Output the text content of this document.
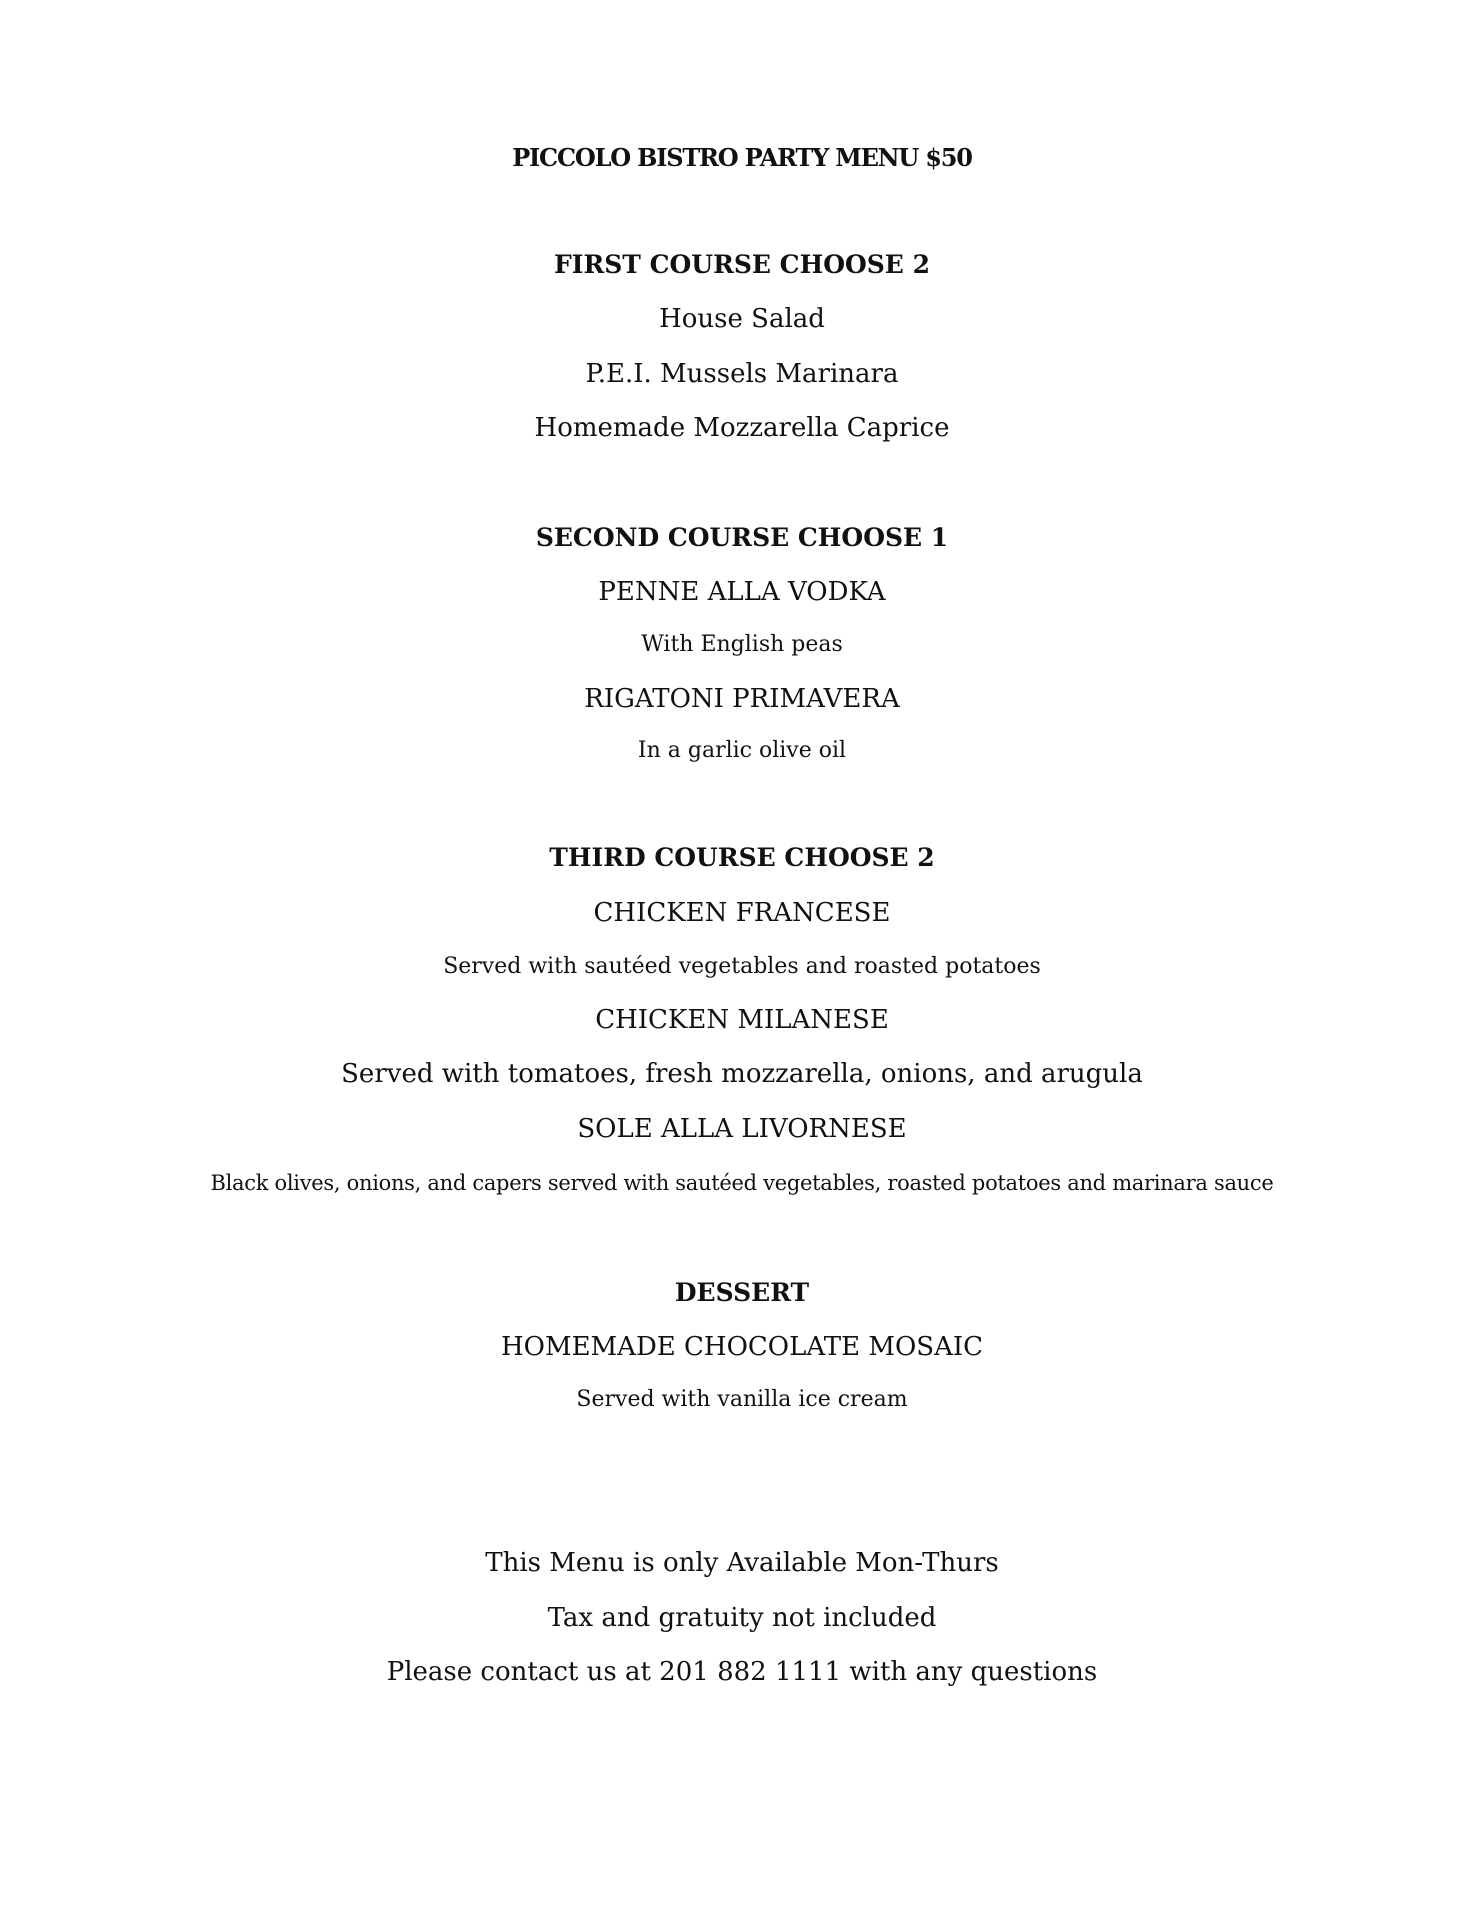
PICCOLO BISTRO PARTY MENU $50
FIRST COURSE CHOOSE 2
House Salad
P.E.I. Mussels Marinara
Homemade Mozzarella Caprice
SECOND COURSE CHOOSE 1
PENNE ALLA VODKA
With English peas
RIGATONI PRIMAVERA
In a garlic olive oil
THIRD COURSE CHOOSE 2
CHICKEN FRANCESE
Served with sautéed vegetables and roasted potatoes
CHICKEN MILANESE
Served with tomatoes, fresh mozzarella, onions, and arugula
SOLE ALLA LIVORNESE
Black olives, onions, and capers served with sautéed vegetables, roasted potatoes and marinara sauce
DESSERT
HOMEMADE CHOCOLATE MOSAIC
Served with vanilla ice cream
This Menu is only Available Mon-Thurs
Tax and gratuity not included
Please contact us at 201 882 1111 with any questions
